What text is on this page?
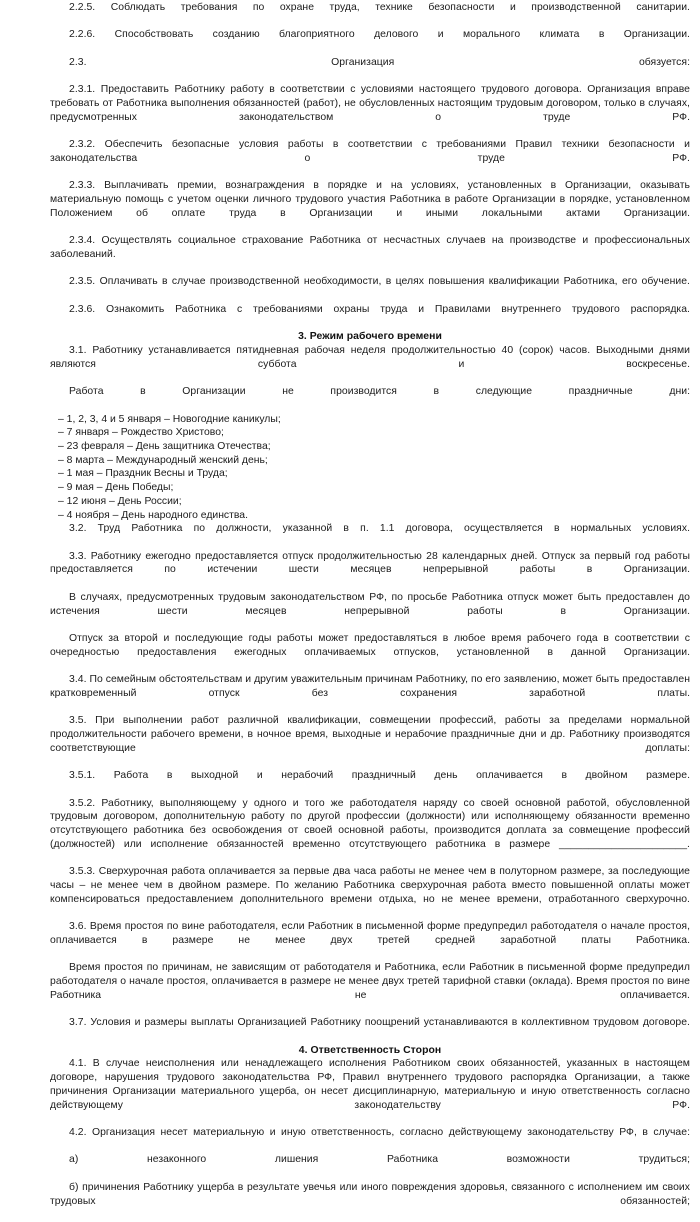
2.2.5. Соблюдать требования по охране труда, технике безопасности и производственной санитарии.

2.2.6. Способствовать созданию благоприятного делового и морального климата в Организации.

2.3. Организация обязуется:

2.3.1. Предоставить Работнику работу в соответствии с условиями настоящего трудового договора. Организация вправе требовать от Работника выполнения обязанностей (работ), не обусловленных настоящим трудовым договором, только в случаях, предусмотренных законодательством о труде РФ.

2.3.2. Обеспечить безопасные условия работы в соответствии с требованиями Правил техники безопасности и законодательства о труде РФ.

2.3.3. Выплачивать премии, вознаграждения в порядке и на условиях, установленных в Организации, оказывать материальную помощь с учетом оценки личного трудового участия Работника в работе Организации в порядке, установленном Положением об оплате труда в Организации и иными локальными актами Организации.

2.3.4. Осуществлять социальное страхование Работника от несчастных случаев на производстве и профессиональных заболеваний.

2.3.5. Оплачивать в случае производственной необходимости, в целях повышения квалификации Работника, его обучение.

2.3.6. Ознакомить Работника с требованиями охраны труда и Правилами внутреннего трудового распорядка.

3. Режим рабочего времени

3.1. Работнику устанавливается пятидневная рабочая неделя продолжительностью 40 (сорок) часов. Выходными днями являются суббота и воскресенье.

Работа в Организации не производится в следующие праздничные дни:

– 1, 2, 3, 4 и 5 января – Новогодние каникулы;

– 7 января – Рождество Христово;

– 23 февраля – День защитника Отечества;

– 8 марта – Международный женский день;

– 1 мая – Праздник Весны и Труда;

– 9 мая – День Победы;

– 12 июня – День России;

– 4 ноября – День народного единства.

3.2. Труд Работника по должности, указанной в п. 1.1 договора, осуществляется в нормальных условиях.

3.3. Работнику ежегодно предоставляется отпуск продолжительностью 28 календарных дней. Отпуск за первый год работы предоставляется по истечении шести месяцев непрерывной работы в Организации.

В случаях, предусмотренных трудовым законодательством РФ, по просьбе Работника отпуск может быть предоставлен до истечения шести месяцев непрерывной работы в Организации.

Отпуск за второй и последующие годы работы может предоставляться в любое время рабочего года в соответствии с очередностью предоставления ежегодных оплачиваемых отпусков, установленной в данной Организации.

3.4. По семейным обстоятельствам и другим уважительным причинам Работнику, по его заявлению, может быть предоставлен кратковременный отпуск без сохранения заработной платы.

3.5. При выполнении работ различной квалификации, совмещении профессий, работы за пределами нормальной продолжительности рабочего времени, в ночное время, выходные и нерабочие праздничные дни и др. Работнику производятся соответствующие доплаты:

3.5.1. Работа в выходной и нерабочий праздничный день оплачивается в двойном размере.

3.5.2. Работнику, выполняющему у одного и того же работодателя наряду со своей основной работой, обусловленной трудовым договором, дополнительную работу по другой профессии (должности) или исполняющему обязанности временно отсутствующего работника без освобождения от своей основной работы, производится доплата за совмещение профессий (должностей) или исполнение обязанностей временно отсутствующего работника в размере ______________________.

3.5.3. Сверхурочная работа оплачивается за первые два часа работы не менее чем в полуторном размере, за последующие часы – не менее чем в двойном размере. По желанию Работника сверхурочная работа вместо повышенной оплаты может компенсироваться предоставлением дополнительного времени отдыха, но не менее времени, отработанного сверхурочно.

3.6. Время простоя по вине работодателя, если Работник в письменной форме предупредил работодателя о начале простоя, оплачивается в размере не менее двух третей средней заработной платы Работника.

Время простоя по причинам, не зависящим от работодателя и Работника, если Работник в письменной форме предупредил работодателя о начале простоя, оплачивается в размере не менее двух третей тарифной ставки (оклада). Время простоя по вине Работника не оплачивается.

3.7. Условия и размеры выплаты Организацией Работнику поощрений устанавливаются в коллективном трудовом договоре.

4. Ответственность Сторон

4.1. В случае неисполнения или ненадлежащего исполнения Работником своих обязанностей, указанных в настоящем договоре, нарушения трудового законодательства РФ, Правил внутреннего трудового распорядка Организации, а также причинения Организации материального ущерба, он несет дисциплинарную, материальную и иную ответственность согласно действующему законодательству РФ.

4.2. Организация несет материальную и иную ответственность, согласно действующему законодательству РФ, в случае:

а) незаконного лишения Работника возможности трудиться;

б) причинения Работнику ущерба в результате увечья или иного повреждения здоровья, связанного с исполнением им своих трудовых обязанностей;
